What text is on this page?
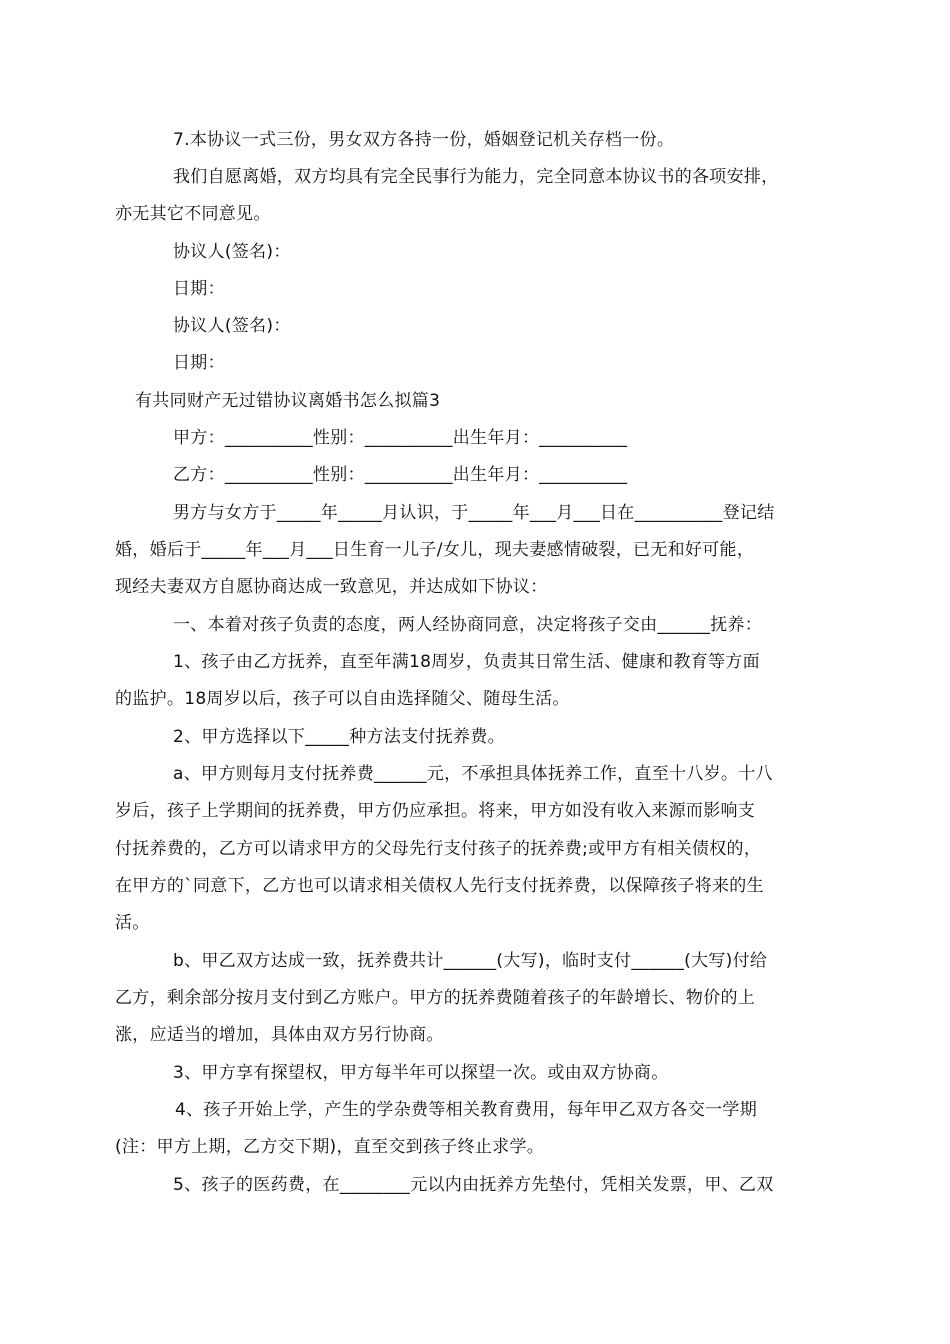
7.本协议一式三份，男女双方各持一份，婚姻登记机关存档一份。
我们自愿离婚，双方均具有完全民事行为能力，完全同意本协议书的各项安排，
亦无其它不同意见。
协议人(签名)：
日期：
协议人(签名)：
日期：
有共同财产无过错协议离婚书怎么拟篇3
甲方：__________性别：__________出生年月：__________
乙方：__________性别：__________出生年月：__________
男方与女方于_____年_____月认识，于_____年___月___日在__________登记结
婚，婚后于_____年___月___日生育一儿子/女儿，现夫妻感情破裂，已无和好可能，
现经夫妻双方自愿协商达成一致意见，并达成如下协议：
一、本着对孩子负责的态度，两人经协商同意，决定将孩子交由______抚养：
1、孩子由乙方抚养，直至年满18周岁，负责其日常生活、健康和教育等方面
的监护。18周岁以后，孩子可以自由选择随父、随母生活。
2、甲方选择以下_____种方法支付抚养费。
a、甲方则每月支付抚养费______元，不承担具体抚养工作，直至十八岁。十八
岁后，孩子上学期间的抚养费，甲方仍应承担。将来，甲方如没有收入来源而影响支
付抚养费的，乙方可以请求甲方的父母先行支付孩子的抚养费;或甲方有相关债权的，
在甲方的`同意下，乙方也可以请求相关债权人先行支付抚养费，以保障孩子将来的生
活。
b、甲乙双方达成一致，抚养费共计______(大写)，临时支付______(大写)付给
乙方，剩余部分按月支付到乙方账户。甲方的抚养费随着孩子的年龄增长、物价的上
涨，应适当的增加，具体由双方另行协商。
3、甲方享有探望权，甲方每半年可以探望一次。或由双方协商。
4、孩子开始上学，产生的学杂费等相关教育费用，每年甲乙双方各交一学期
(注：甲方上期，乙方交下期)，直至交到孩子终止求学。
5、孩子的医药费，在________元以内由抚养方先垫付，凭相关发票，甲、乙双
